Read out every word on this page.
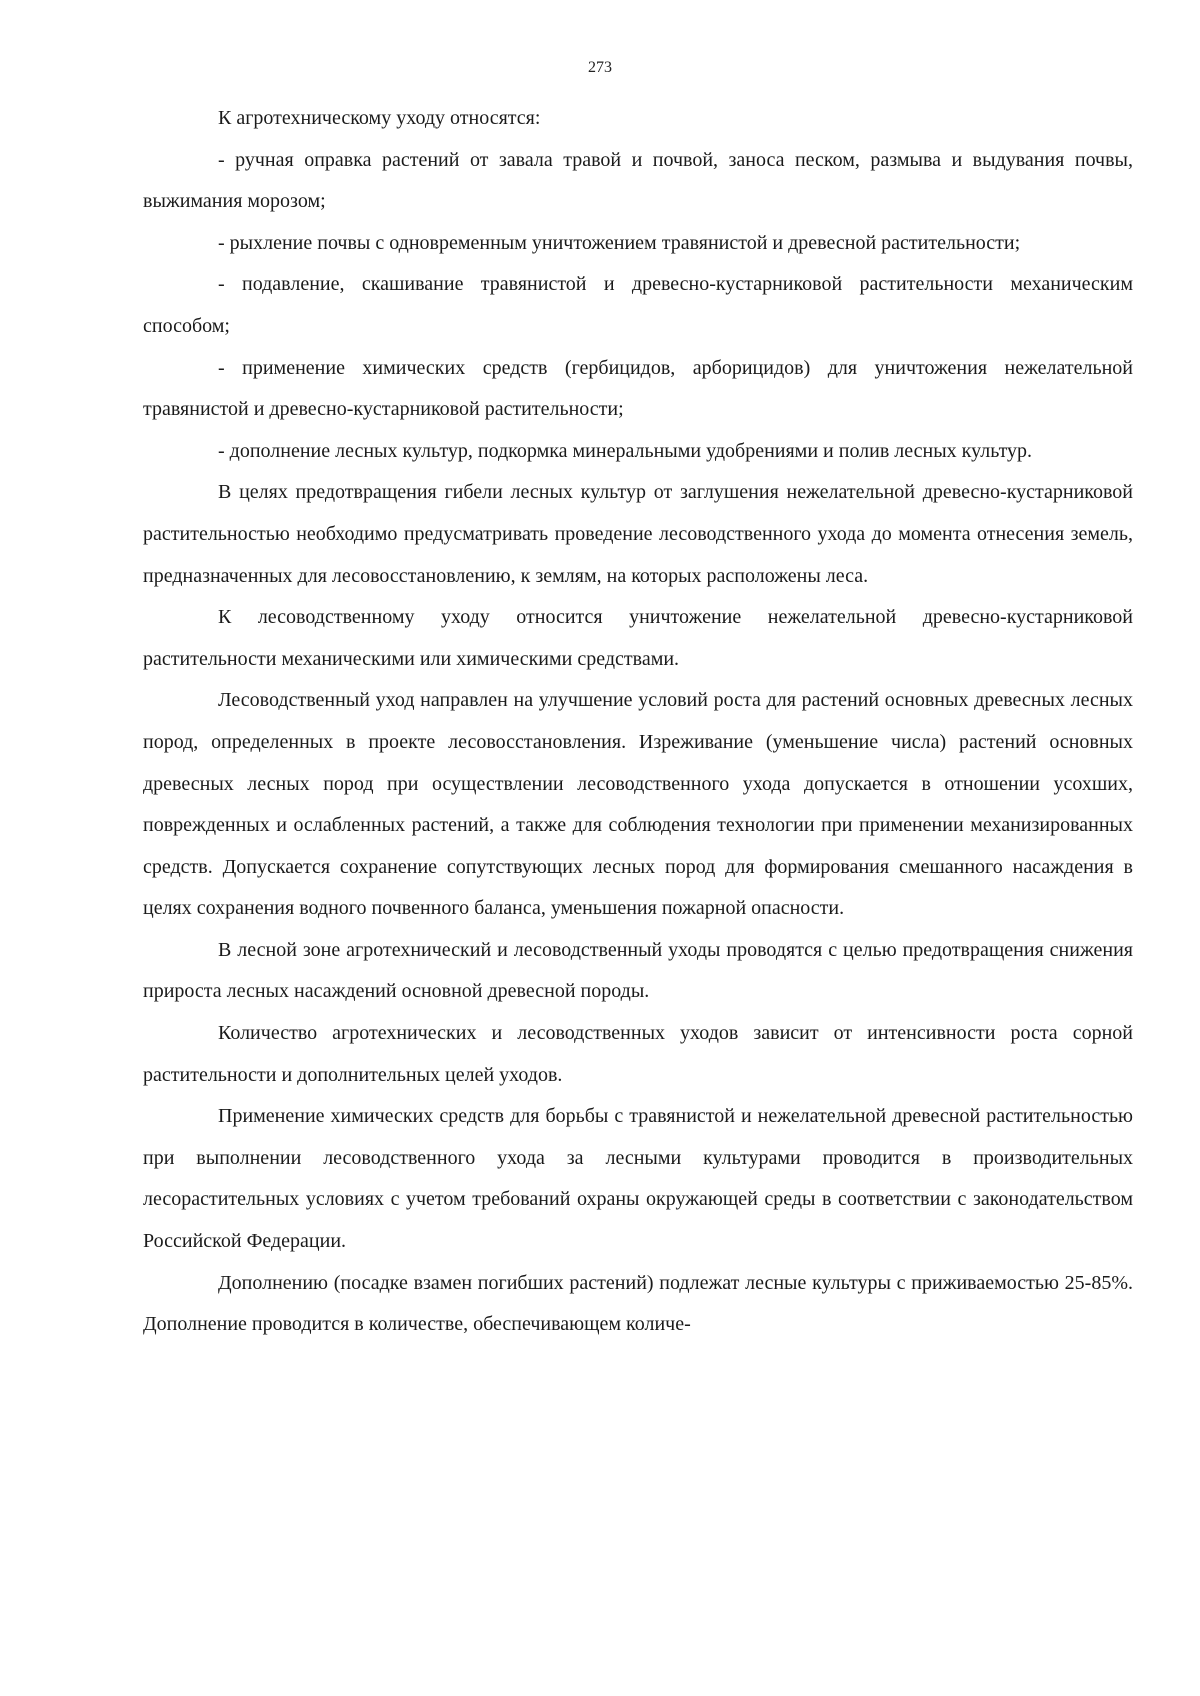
273

К агротехническому уходу относятся:

- ручная оправка растений от завала травой и почвой, заноса песком, размыва и выдувания почвы, выжимания морозом;

- рыхление почвы с одновременным уничтожением травянистой и древесной растительности;

- подавление, скашивание травянистой и древесно-кустарниковой растительности механическим способом;

- применение химических средств (гербицидов, арборицидов) для уничтожения нежелательной травянистой и древесно-кустарниковой растительности;

- дополнение лесных культур, подкормка минеральными удобрениями и полив лесных культур.

В целях предотвращения гибели лесных культур от заглушения нежелательной древесно-кустарниковой растительностью необходимо предусматривать проведение лесоводственного ухода до момента отнесения земель, предназначенных для лесовосстановлению, к землям, на которых расположены леса.

К лесоводственному уходу относится уничтожение нежелательной древесно-кустарниковой растительности механическими или химическими средствами.

Лесоводственный уход направлен на улучшение условий роста для растений основных древесных лесных пород, определенных в проекте лесовосстановления. Изреживание (уменьшение числа) растений основных древесных лесных пород при осуществлении лесоводственного ухода допускается в отношении усохших, поврежденных и ослабленных растений, а также для соблюдения технологии при применении механизированных средств. Допускается сохранение сопутствующих лесных пород для формирования смешанного насаждения в целях сохранения водного почвенного баланса, уменьшения пожарной опасности.

В лесной зоне агротехнический и лесоводственный уходы проводятся с целью предотвращения снижения прироста лесных насаждений основной древесной породы.

Количество агротехнических и лесоводственных уходов зависит от интенсивности роста сорной растительности и дополнительных целей уходов.

Применение химических средств для борьбы с травянистой и нежелательной древесной растительностью при выполнении лесоводственного ухода за лесными культурами проводится в производительных лесорастительных условиях с учетом требований охраны окружающей среды в соответствии с законодательством Российской Федерации.

Дополнению (посадке взамен погибших растений) подлежат лесные культуры с приживаемостью 25-85%. Дополнение проводится в количестве, обеспечивающем количе-
